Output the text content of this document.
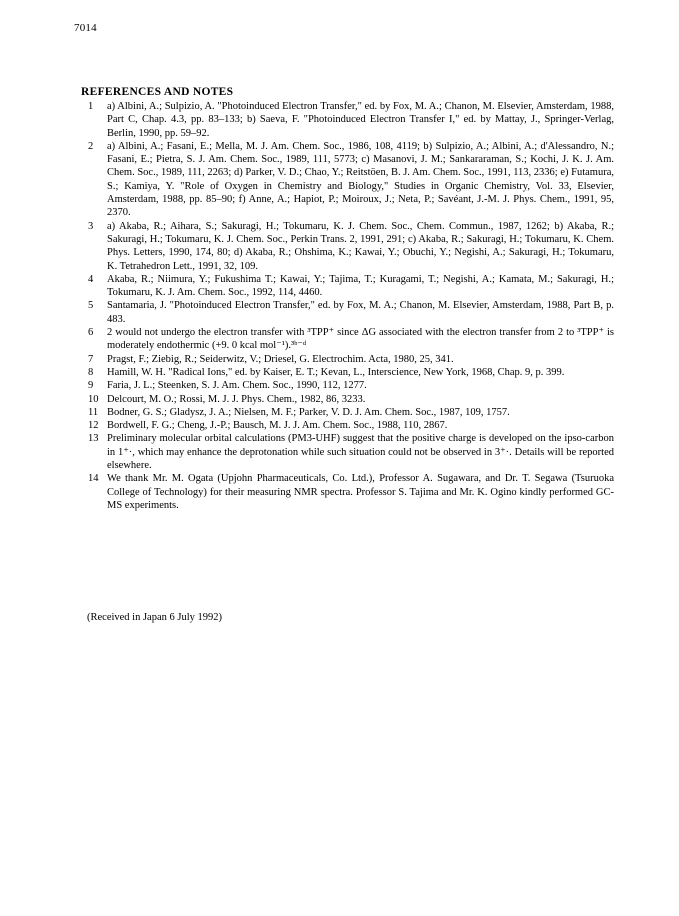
7014
REFERENCES AND NOTES
1	a) Albini, A.; Sulpizio, A. "Photoinduced Electron Transfer," ed. by Fox, M. A.; Chanon, M. Elsevier, Amsterdam, 1988, Part C, Chap. 4.3, pp. 83–133; b) Saeva, F. "Photoinduced Electron Transfer I," ed. by Mattay, J., Springer-Verlag, Berlin, 1990, pp. 59–92.
2	a) Albini, A.; Fasani, E.; Mella, M. J. Am. Chem. Soc., 1986, 108, 4119; b) Sulpizio, A.; Albini, A.; d'Alessandro, N.; Fasani, E.; Pietra, S. J. Am. Chem. Soc., 1989, 111, 5773; c) Masanovi, J. M.; Sankararaman, S.; Kochi, J. K. J. Am. Chem. Soc., 1989, 111, 2263; d) Parker, V. D.; Chao, Y.; Reitstöen, B. J. Am. Chem. Soc., 1991, 113, 2336; e) Futamura, S.; Kamiya, Y. "Role of Oxygen in Chemistry and Biology," Studies in Organic Chemistry, Vol. 33, Elsevier, Amsterdam, 1988, pp. 85–90; f) Anne, A.; Hapiot, P.; Moiroux, J.; Neta, P.; Savéant, J.-M. J. Phys. Chem., 1991, 95, 2370.
3	a) Akaba, R.; Aihara, S.; Sakuragi, H.; Tokumaru, K. J. Chem. Soc., Chem. Commun., 1987, 1262; b) Akaba, R.; Sakuragi, H.; Tokumaru, K. J. Chem. Soc., Perkin Trans. 2, 1991, 291; c) Akaba, R.; Sakuragi, H.; Tokumaru, K. Chem. Phys. Letters, 1990, 174, 80; d) Akaba, R.; Ohshima, K.; Kawai, Y.; Obuchi, Y.; Negishi, A.; Sakuragi, H.; Tokumaru, K. Tetrahedron Lett., 1991, 32, 109.
4	Akaba, R.; Niimura, Y.; Fukushima T.; Kawai, Y.; Tajima, T.; Kuragami, T.; Negishi, A.; Kamata, M.; Sakuragi, H.; Tokumaru, K. J. Am. Chem. Soc., 1992, 114, 4460.
5	Santamaria, J. "Photoinduced Electron Transfer," ed. by Fox, M. A.; Chanon, M. Elsevier, Amsterdam, 1988, Part B, p. 483.
6	2 would not undergo the electron transfer with ³TPP⁺ since ΔG associated with the electron transfer from 2 to ³TPP⁺ is moderately endothermic (+9. 0 kcal mol⁻¹).³ᵇ⁻ᵈ
7	Pragst, F.; Ziebig, R.; Seiderwitz, V.; Driesel, G. Electrochim. Acta, 1980, 25, 341.
8	Hamill, W. H. "Radical Ions," ed. by Kaiser, E. T.; Kevan, L., Interscience, New York, 1968, Chap. 9, p. 399.
9	Faria, J. L.; Steenken, S. J. Am. Chem. Soc., 1990, 112, 1277.
10 Delcourt, M. O.; Rossi, M. J. J. Phys. Chem., 1982, 86, 3233.
11 Bodner, G. S.; Gladysz, J. A.; Nielsen, M. F.; Parker, V. D. J. Am. Chem. Soc., 1987, 109, 1757.
12 Bordwell, F. G.; Cheng, J.-P.; Bausch, M. J. J. Am. Chem. Soc., 1988, 110, 2867.
13 Preliminary molecular orbital calculations (PM3-UHF) suggest that the positive charge is developed on the ipso-carbon in 1⁺·, which may enhance the deprotonation while such situation could not be observed in 3⁺·. Details will be reported elsewhere.
14 We thank Mr. M. Ogata (Upjohn Pharmaceuticals, Co. Ltd.), Professor A. Sugawara, and Dr. T. Segawa (Tsuruoka College of Technology) for their measuring NMR spectra. Professor S. Tajima and Mr. K. Ogino kindly performed GC-MS experiments.
(Received in Japan 6 July 1992)
